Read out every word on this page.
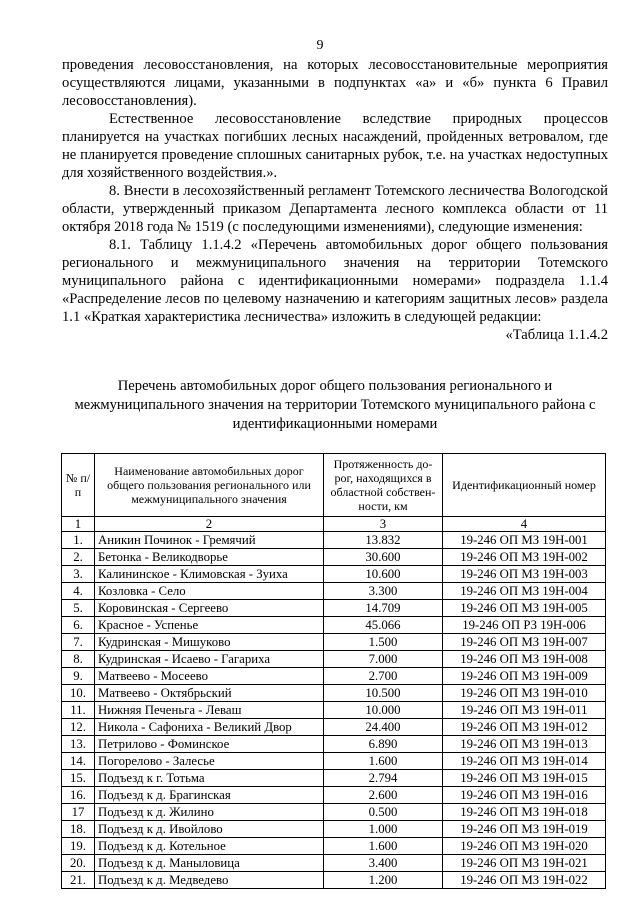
9

проведения лесовосстановления, на которых лесовосстановительные мероприятия осуществляются лицами, указанными в подпунктах «а» и «б» пункта 6 Правил лесовосстановления).

Естественное лесовосстановление вследствие природных процессов планируется на участках погибших лесных насаждений, пройденных ветровалом, где не планируется проведение сплошных санитарных рубок, т.е. на участках недоступных для хозяйственного воздействия.».

8. Внести в лесохозяйственный регламент Тотемского лесничества Вологодской области, утвержденный приказом Департамента лесного комплекса области от 11 октября 2018 года № 1519 (с последующими изменениями), следующие изменения:

8.1. Таблицу 1.1.4.2 «Перечень автомобильных дорог общего пользования регионального и межмуниципального значения на территории Тотемского муниципального района с идентификационными номерами» подраздела 1.1.4 «Распределение лесов по целевому назначению и категориям защитных лесов» раздела 1.1 «Краткая характеристика лесничества» изложить в следующей редакции:

«Таблица 1.1.4.2

Перечень автомобильных дорог общего пользования регионального и межмуниципального значения на территории Тотемского муниципального района с идентификационными номерами
№ п/п	Наименование автомобильных дорог общего пользования регионального или межмуниципального значения	Протяженность до-рог, находящихся в областной собствен-ности, км	Идентификационный номер
1	2	3	4
1.	Аникин Починок - Гремячий	13.832	19-246 ОП МЗ 19Н-001
2.	Бетонка - Великодворье	30.600	19-246 ОП МЗ 19Н-002
3.	Калининское - Климовская - Зуиха	10.600	19-246 ОП МЗ 19Н-003
4.	Козловка - Село	3.300	19-246 ОП МЗ 19Н-004
5.	Коровинская - Сергеево	14.709	19-246 ОП МЗ 19Н-005
6.	Красное - Успенье	45.066	19-246 ОП РЗ 19Н-006
7.	Кудринская - Мишуково	1.500	19-246 ОП МЗ 19Н-007
8.	Кудринская - Исаево - Гагариха	7.000	19-246 ОП МЗ 19Н-008
9.	Матвеево - Мосеево	2.700	19-246 ОП МЗ 19Н-009
10.	Матвеево - Октябрьский	10.500	19-246 ОП МЗ 19Н-010
11.	Нижняя Печеньга - Леваш	10.000	19-246 ОП МЗ 19Н-011
12.	Никола - Сафониха - Великий Двор	24.400	19-246 ОП МЗ 19Н-012
13.	Петрилово - Фоминское	6.890	19-246 ОП МЗ 19Н-013
14.	Погорелово - Залесье	1.600	19-246 ОП МЗ 19Н-014
15.	Подъезд к г. Тотьма	2.794	19-246 ОП МЗ 19Н-015
16.	Подъезд к д. Брагинская	2.600	19-246 ОП МЗ 19Н-016
17	Подъезд к д. Жилино	0.500	19-246 ОП МЗ 19Н-018
18.	Подъезд к д. Ивойлово	1.000	19-246 ОП МЗ 19Н-019
19.	Подъезд к д. Котельное	1.600	19-246 ОП МЗ 19Н-020
20.	Подъезд к д. Маныловица	3.400	19-246 ОП МЗ 19Н-021
21.	Подъезд к д. Медведево	1.200	19-246 ОП МЗ 19Н-022
